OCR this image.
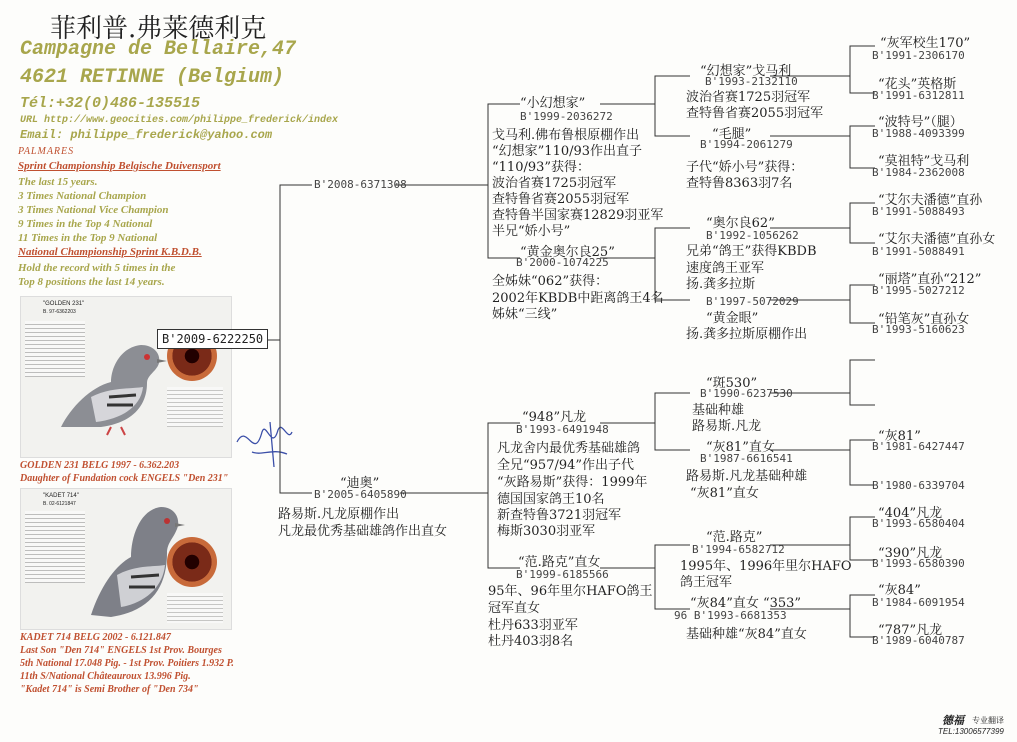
菲利普.弗莱德利克
Campagne de Bellaire,47
4621 RETINNE (Belgium)
Tél:+32(0)486-135515
URL http://www.geocities.com/philippe_frederick/index
Email: philippe_frederick@yahoo.com
PALMARES
Sprint Championship Belgische Duivensport
The last 15 years.
3 Times National Champion
3 Times National Vice Champion
9 Times in the Top 4 National
11 Times in the Top 9 National
National Championship Sprint K.B.D.B.
Hold the record with 5 times in the
Top 8 positions the last 14 years.
"GOLDEN 231"
B. 97-6362203
B'2009-6222250
GOLDEN 231 BELG 1997 - 6.362.203
Daughter of Fundation cock ENGELS "Den 231"
"KADET 714"
B. 02-6121847
KADET 714 BELG 2002 - 6.121.847
Last Son "Den 714" ENGELS 1st Prov. Bourges
5th National 17.048 Pig. - 1st Prov. Poitiers 1.932 P.
11th S/National Châteauroux 13.996 Pig.
"Kadet 714" is Semi Brother of "Den 734"
B'2008-6371308
“迪奥”
B'2005-6405890
路易斯.凡龙原棚作出
凡龙最优秀基础雄鸽作出直女
“小幻想家”
B'1999-2036272
戈马利.佛布鲁根原棚作出
“幻想家”110/93作出直子
“110/93”获得：
波治省赛1725羽冠军
查特鲁省赛2055羽冠军
查特鲁半国家赛12829羽亚军
半兄“娇小号”
“黄金奥尔良25”
B'2000-1074225
全姊妹“062”获得：
2002年KBDB中距离鸽王4名
姊妹“三线”
“948”凡龙
B'1993-6491948
凡龙舍内最优秀基础雄鸽
全兄“957/94”作出子代
“灰路易斯”获得：1999年
德国国家鸽王10名
新查特鲁3721羽冠军
梅斯3030羽亚军
“范.路克”直女
B'1999-6185566
95年、96年里尔HAFO鸽王
冠军直女
杜丹633羽亚军
杜丹403羽8名
“幻想家”戈马利
B'1993-2132110
波治省赛1725羽冠军
查特鲁省赛2055羽冠军
“毛腿”
B'1994-2061279
子代“娇小号”获得：
查特鲁8363羽7名
“奥尔良62”
B'1992-1056262
兄弟“鸽王”获得KBDB
速度鸽王亚军
扬.龚多拉斯
B'1997-5072029
“黄金眼”
扬.龚多拉斯原棚作出
“斑530”
B'1990-6237530
基础种雄
路易斯.凡龙
“灰81”直女
B'1987-6616541
路易斯.凡龙基础种雄
“灰81”直女
“范.路克”
B'1994-6582712
1995年、1996年里尔HAFO
鸽王冠军
“灰84”直女 “353”
96 B'1993-6681353
基础种雄“灰84”直女
“灰军校生170”
B'1991-2306170
“花头”英格斯
B'1991-6312811
“波特号”（腿）
B'1988-4093399
“莫祖特”戈马利
B'1984-2362008
“艾尔夫潘德”直孙
B'1991-5088493
“艾尔夫潘德”直孙女
B'1991-5088491
“丽塔”直孙“212”
B'1995-5027212
“铅笔灰”直孙女
B'1993-5160623
“灰81”
B'1981-6427447
B'1980-6339704
“404”凡龙
B'1993-6580404
“390”凡龙
B'1993-6580390
“灰84”
B'1984-6091954
“787”凡龙
B'1989-6040787
德福 专业翻译
TEL:13006577399
